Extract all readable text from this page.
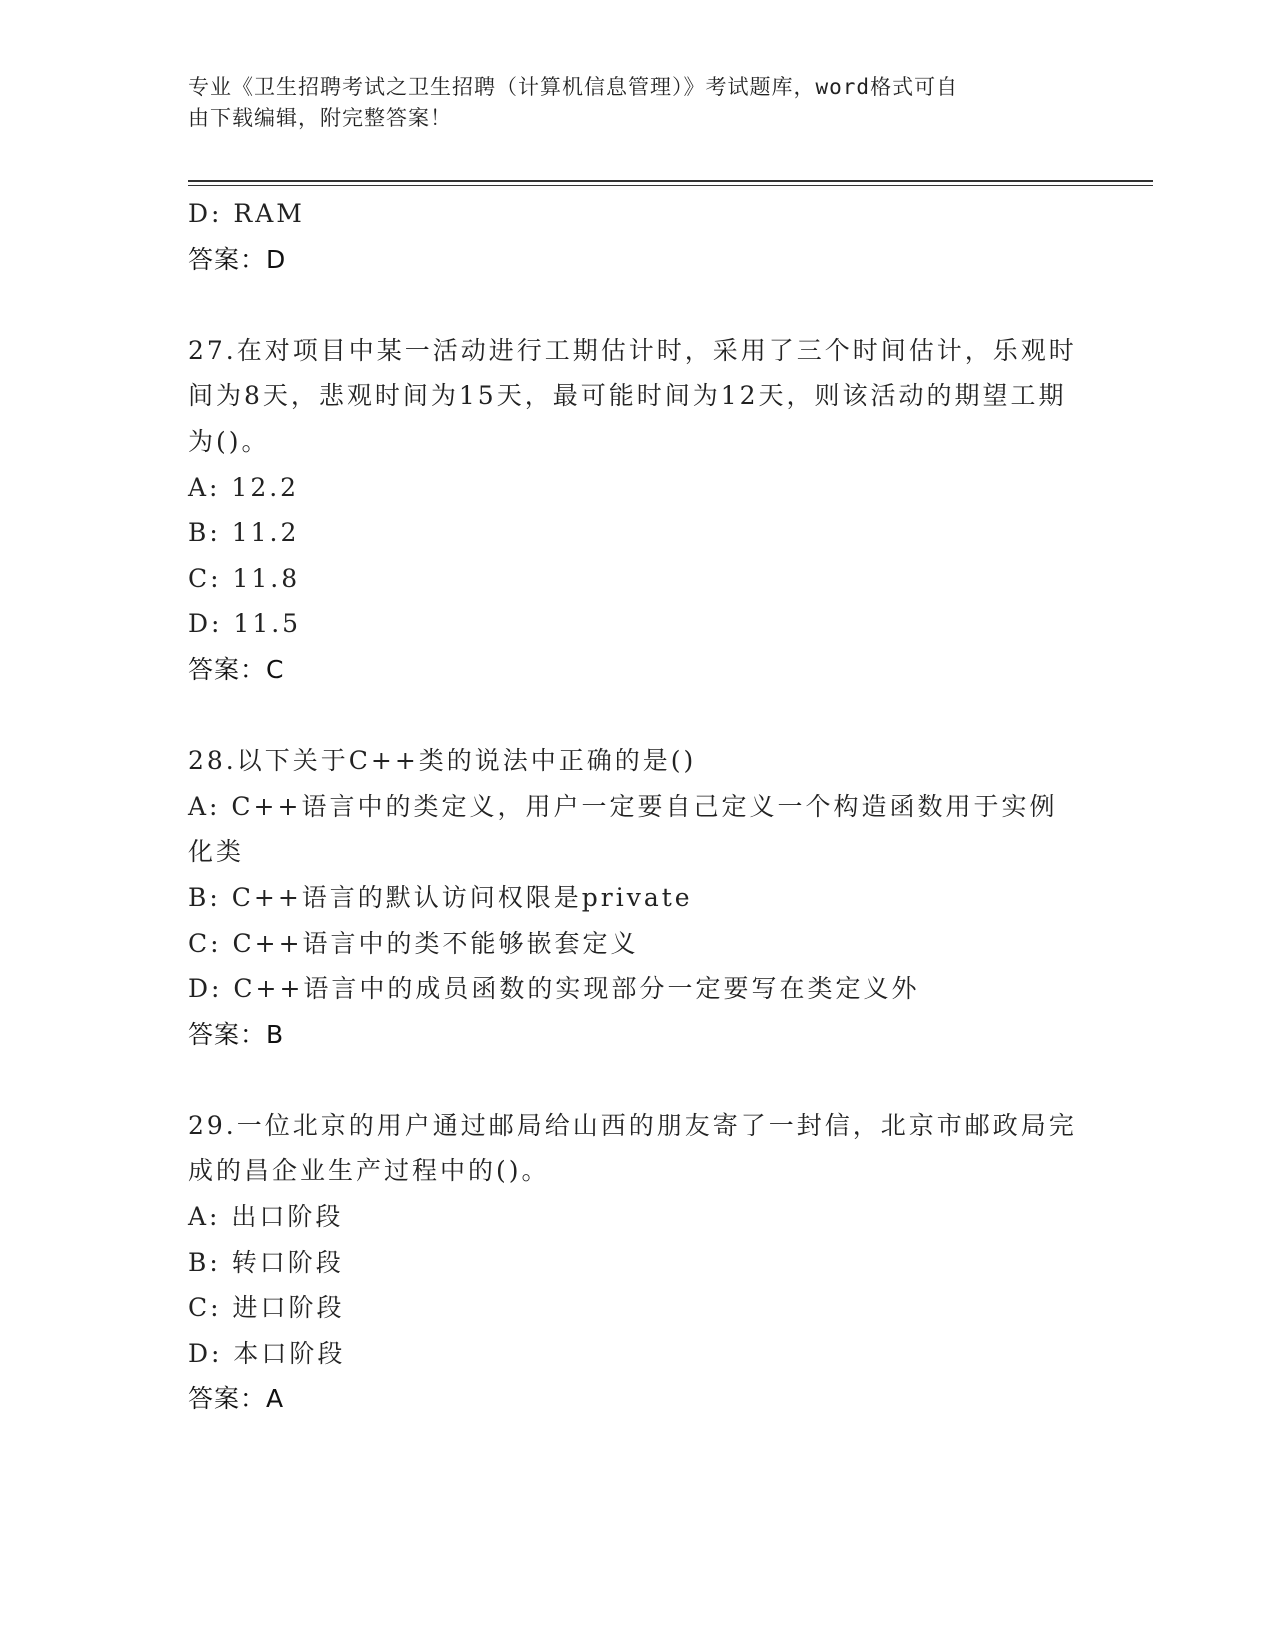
专业《卫生招聘考试之卫生招聘（计算机信息管理）》考试题库，word格式可自
由下载编辑，附完整答案！
D: RAM
答案：D
27.在对项目中某一活动进行工期估计时，采用了三个时间估计，乐观时间为8天，悲观时间为15天，最可能时间为12天，则该活动的期望工期为()。
A: 12.2
B: 11.2
C: 11.8
D: 11.5
答案：C
28.以下关于C++类的说法中正确的是()
A: C++语言中的类定义，用户一定要自己定义一个构造函数用于实例化类
B: C++语言的默认访问权限是private
C: C++语言中的类不能够嵌套定义
D: C++语言中的成员函数的实现部分一定要写在类定义外
答案：B
29.一位北京的用户通过邮局给山西的朋友寄了一封信，北京市邮政局完成的昌企业生产过程中的()。
A: 出口阶段
B: 转口阶段
C: 进口阶段
D: 本口阶段
答案：A
